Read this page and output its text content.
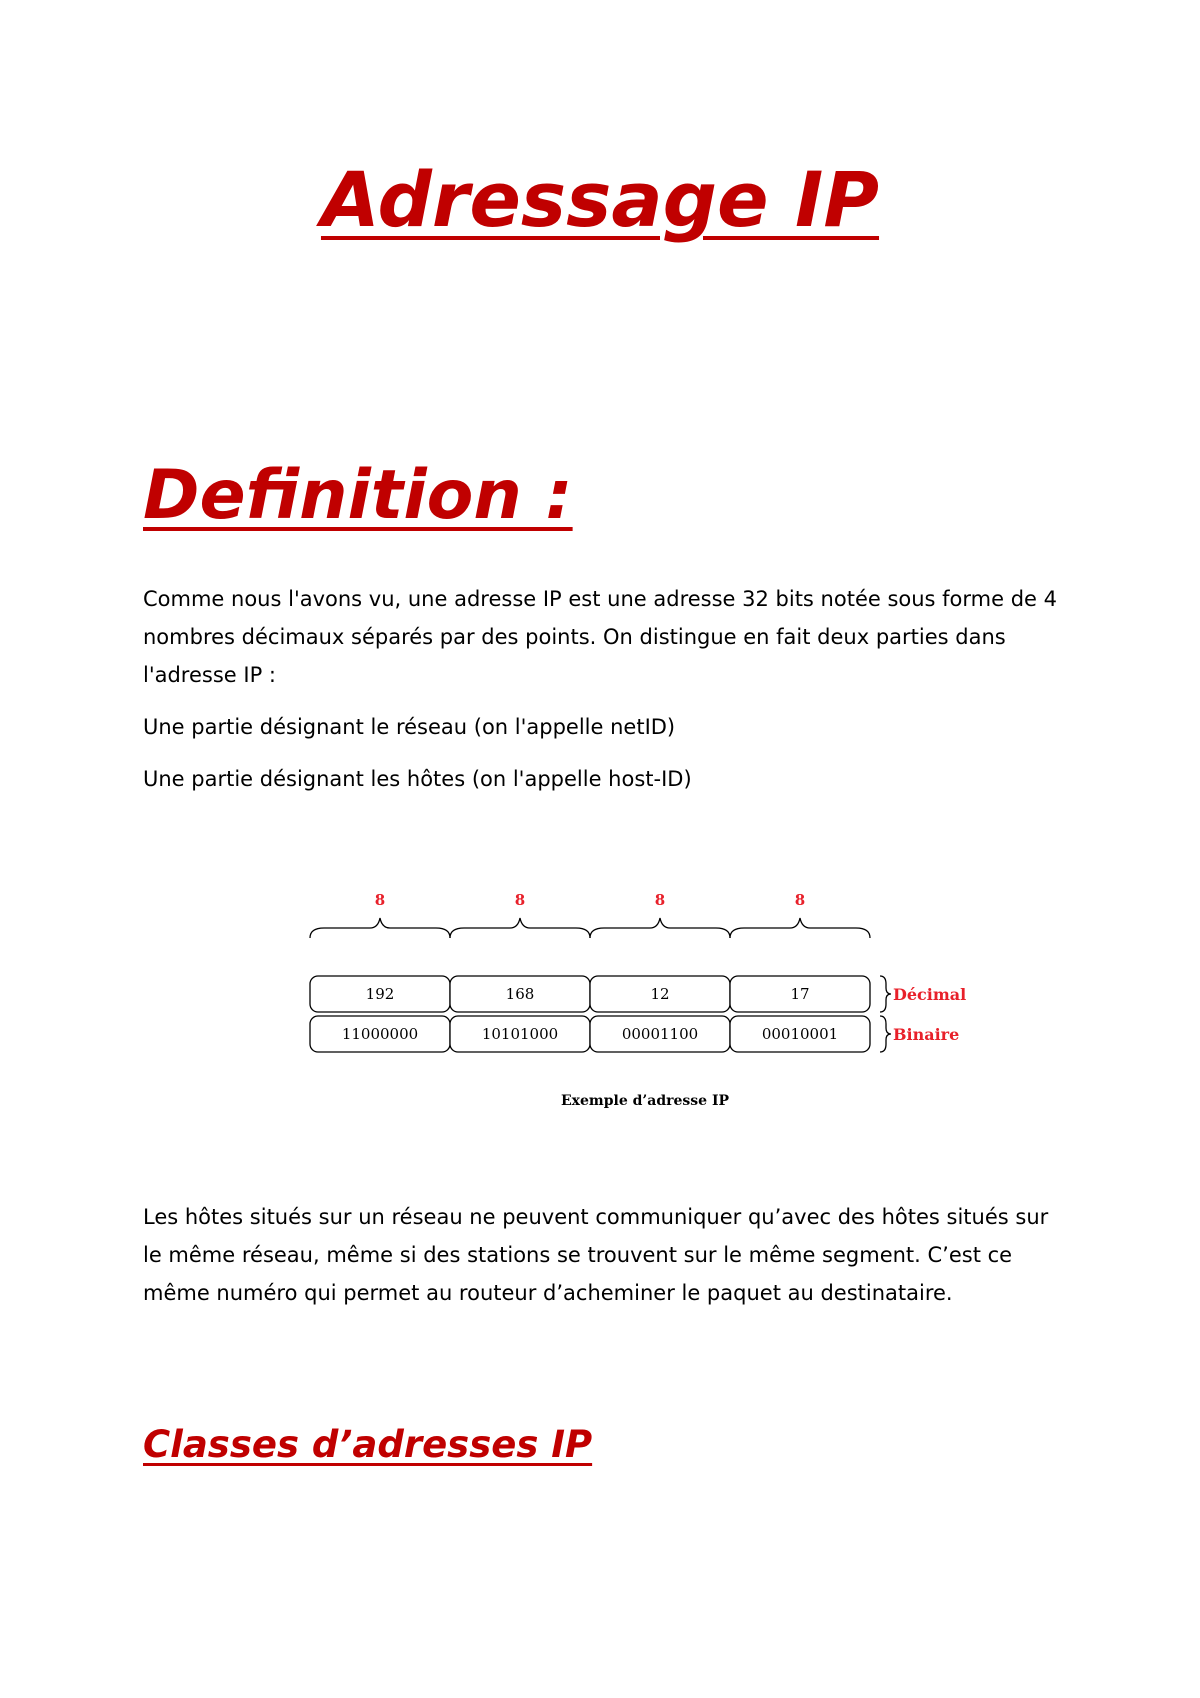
Adressage IP
Definition :

Comme nous l'avons vu, une adresse IP est une adresse 32 bits notée sous forme de 4 nombres décimaux séparés par des points. On distingue en fait deux parties dans l'adresse IP :

Une partie désignant le réseau (on l'appelle netID)

Une partie désignant les hôtes (on l'appelle host-ID)

8
192
11000000
8
168
10101000
8
12
00001100
8
17
00010001
Décimal
Binaire
Exemple d’adresse IP

Les hôtes situés sur un réseau ne peuvent communiquer qu’avec des hôtes situés sur le même réseau, même si des stations se trouvent sur le même segment. C’est ce même numéro qui permet au routeur d’acheminer le paquet au destinataire.

Classes d’adresses IP
